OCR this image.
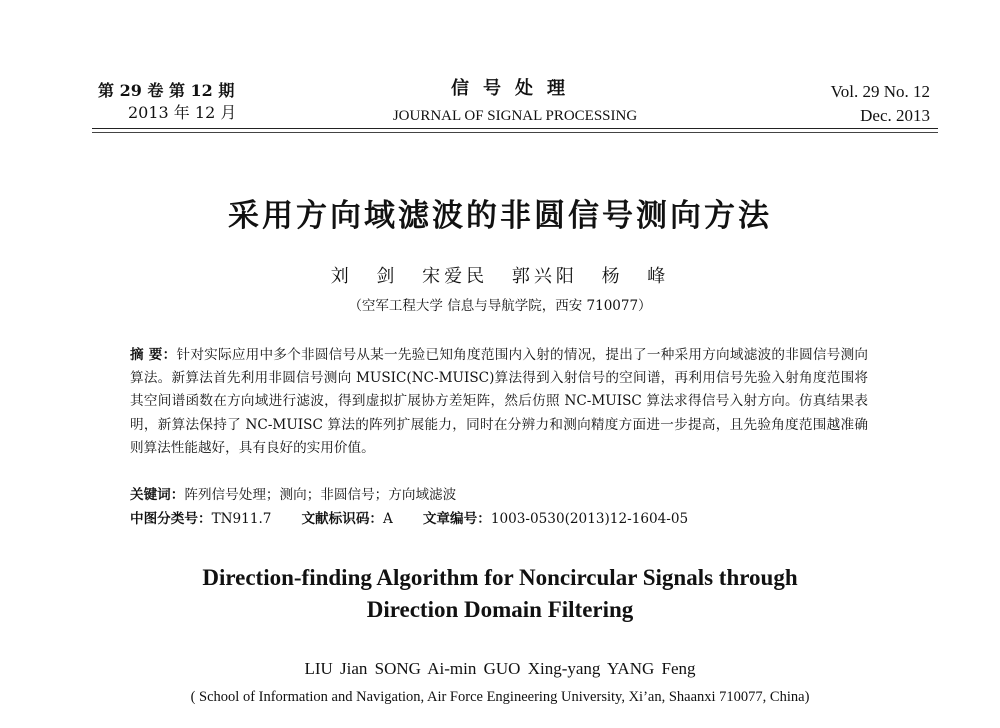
第 29 卷 第 12 期
2013 年 12 月
信号处理
JOURNAL OF SIGNAL PROCESSING
Vol. 29 No. 12
Dec. 2013
采用方向域滤波的非圆信号测向方法
刘 剑 宋爱民 郭兴阳 杨 峰
（空军工程大学 信息与导航学院，西安 710077）
摘 要：针对实际应用中多个非圆信号从某一先验已知角度范围内入射的情况，提出了一种采用方向域滤波的非圆信号测向算法。新算法首先利用非圆信号测向 MUSIC(NC-MUISC)算法得到入射信号的空间谱，再利用信号先验入射角度范围将其空间谱函数在方向域进行滤波，得到虚拟扩展协方差矩阵，然后仿照 NC-MUISC 算法求得信号入射方向。仿真结果表明，新算法保持了 NC-MUISC 算法的阵列扩展能力，同时在分辨力和测向精度方面进一步提高，且先验角度范围越准确则算法性能越好，具有良好的实用价值。
关键词：阵列信号处理；测向；非圆信号；方向域滤波
中图分类号：TN911.7 文献标识码：A 文章编号：1003-0530(2013)12-1604-05
Direction-finding Algorithm for Noncircular Signals through
Direction Domain Filtering
LIU Jian SONG Ai-min GUO Xing-yang YANG Feng
( School of Information and Navigation, Air Force Engineering University, Xi’an, Shaanxi 710077, China)
